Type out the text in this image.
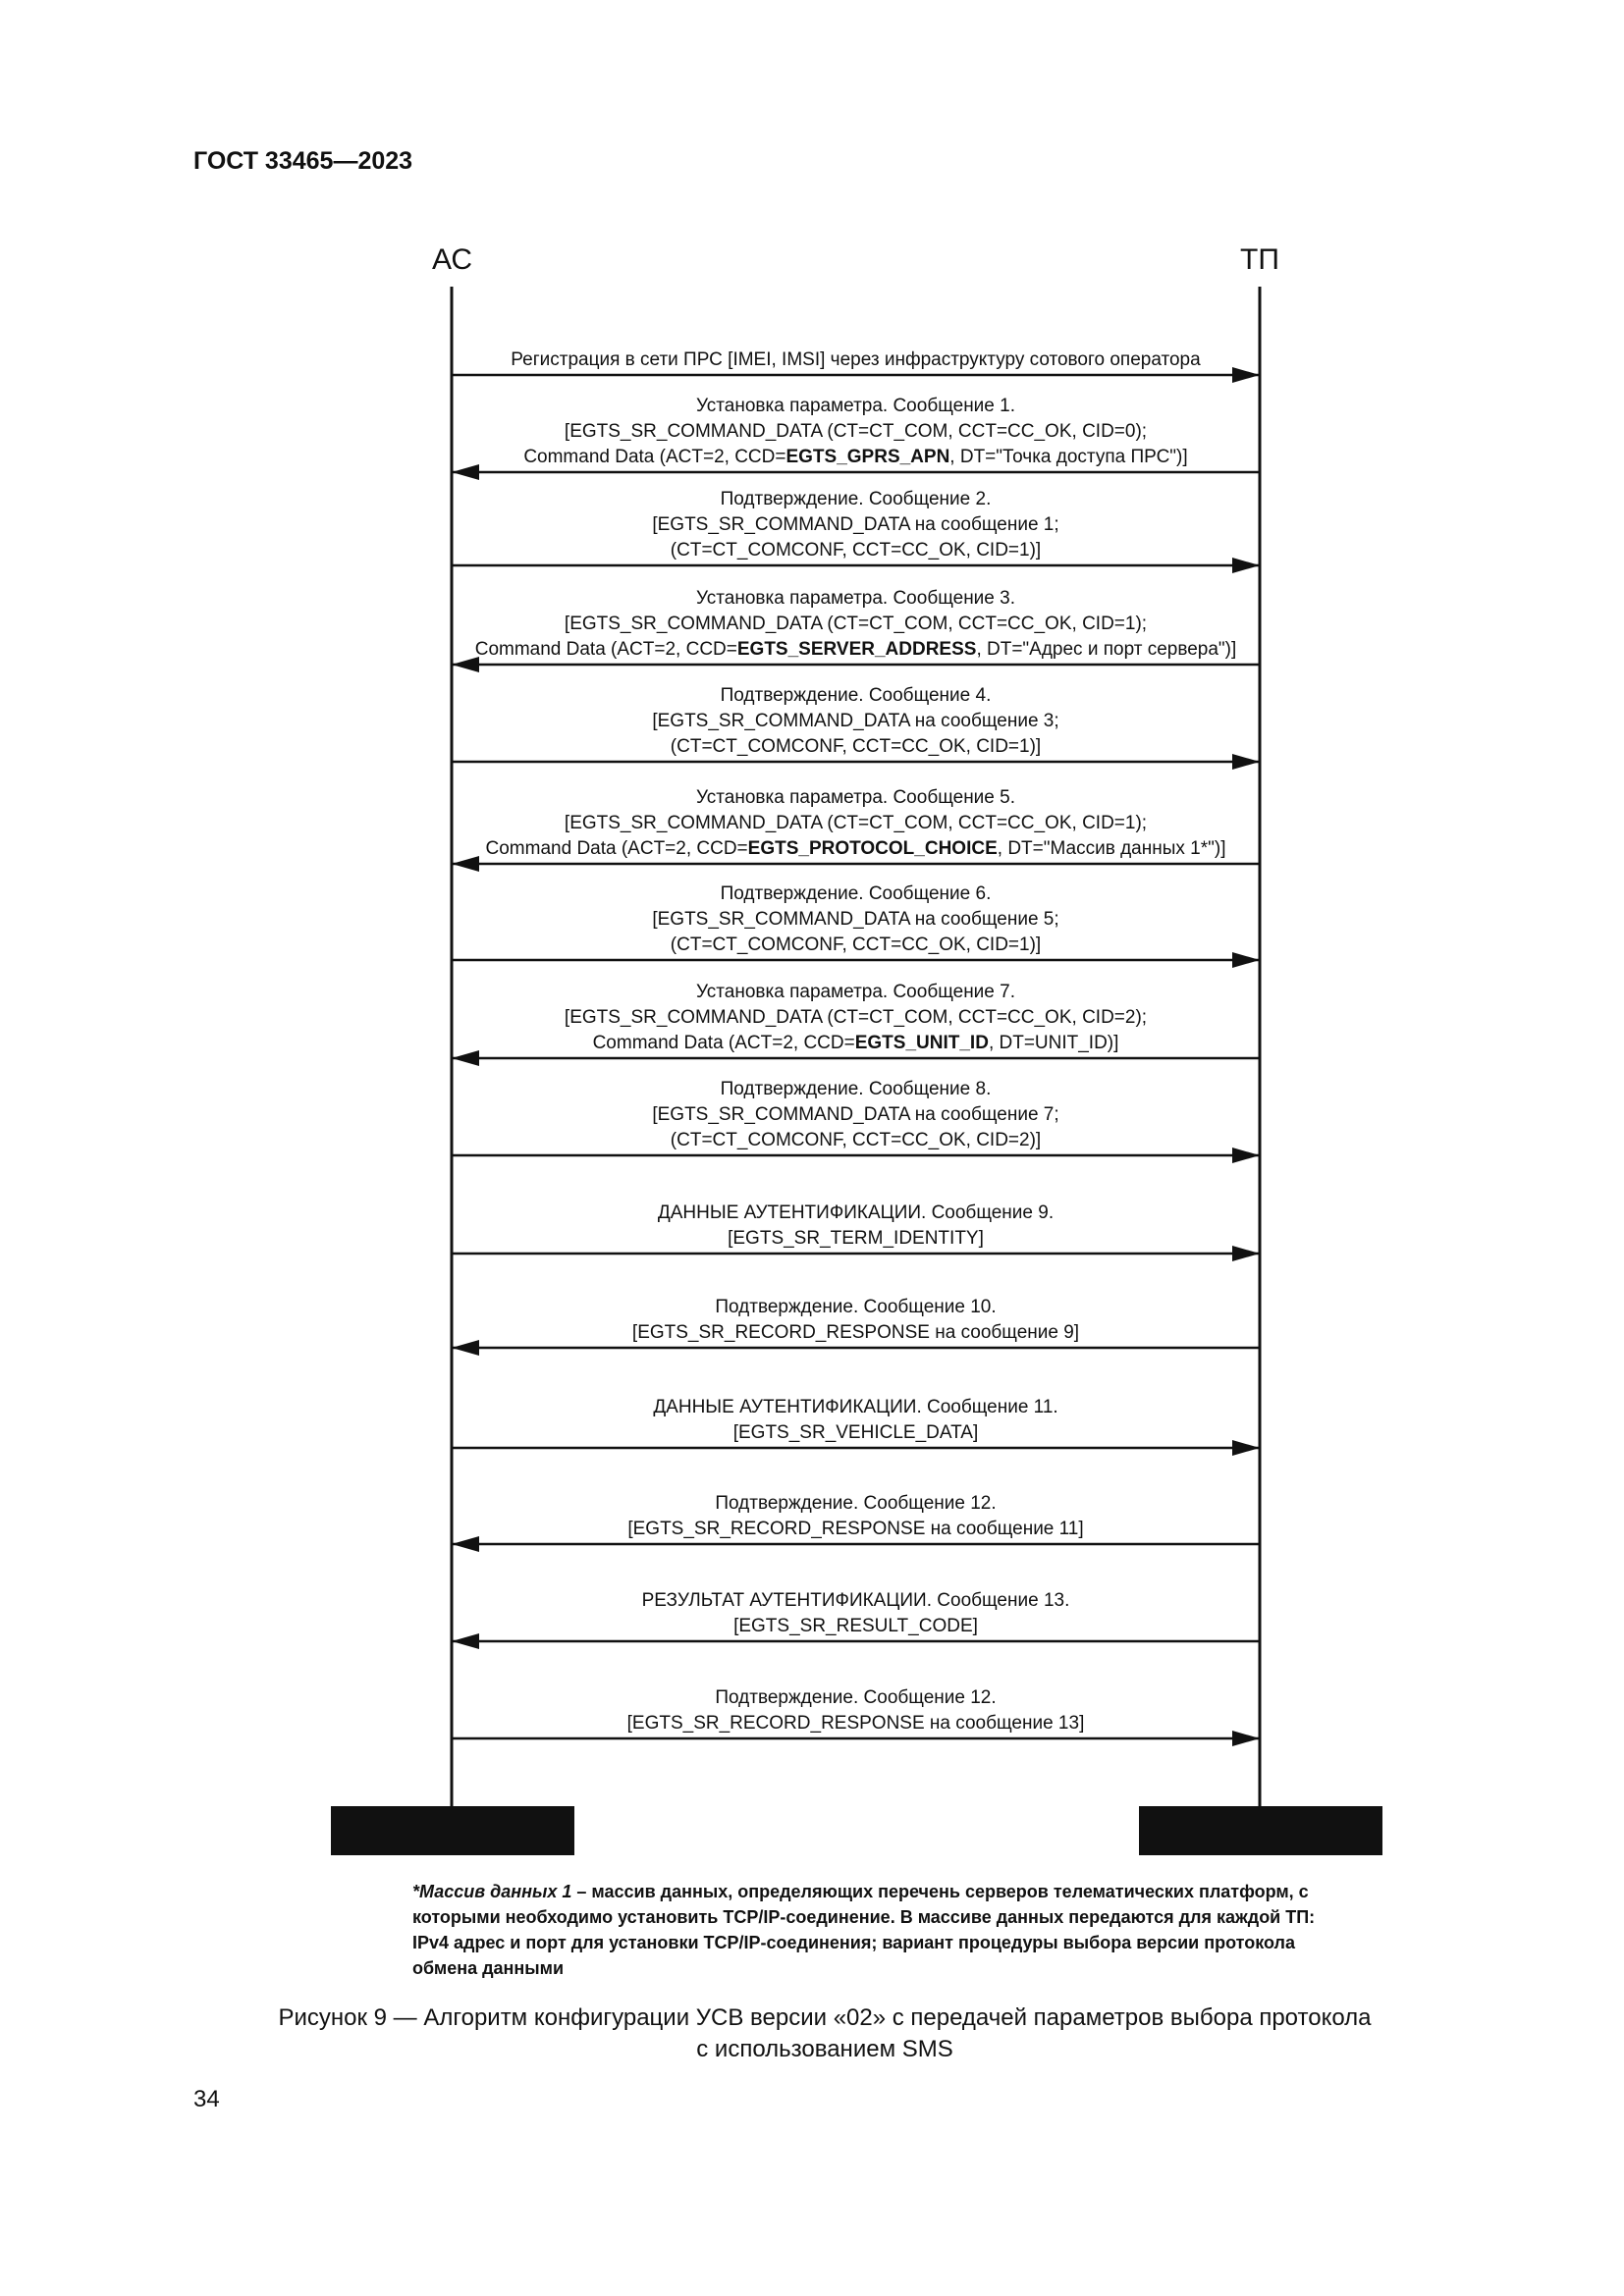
ГОСТ 33465—2023
АС	ТП
Регистрация в сети ПРС [IMEI, IMSI] через инфраструктуру сотового оператора
Установка параметра. Сообщение 1.
[EGTS_SR_COMMAND_DATA (CT=CT_COM, CCT=CC_OK, CID=0);
Command Data (ACT=2, CCD=EGTS_GPRS_APN, DT="Точка доступа ПРС")]
Подтверждение. Сообщение 2.
[EGTS_SR_COMMAND_DATA на сообщение 1;
(CT=CT_COMCONF, CCT=CC_OK, CID=1)]
Установка параметра. Сообщение 3.
[EGTS_SR_COMMAND_DATA (CT=CT_COM, CCT=CC_OK, CID=1);
Command Data (ACT=2, CCD=EGTS_SERVER_ADDRESS, DT="Адрес и порт сервера")]
Подтверждение. Сообщение 4.
[EGTS_SR_COMMAND_DATA на сообщение 3;
(CT=CT_COMCONF, CCT=CC_OK, CID=1)]
Установка параметра. Сообщение 5.
[EGTS_SR_COMMAND_DATA (CT=CT_COM, CCT=CC_OK, CID=1);
Command Data (ACT=2, CCD=EGTS_PROTOCOL_CHOICE, DT="Массив данных 1*")]
Подтверждение. Сообщение 6.
[EGTS_SR_COMMAND_DATA на сообщение 5;
(CT=CT_COMCONF, CCT=CC_OK, CID=1)]
Установка параметра. Сообщение 7.
[EGTS_SR_COMMAND_DATA (CT=CT_COM, CCT=CC_OK, CID=2);
Command Data (ACT=2, CCD=EGTS_UNIT_ID, DT=UNIT_ID)]
Подтверждение. Сообщение 8.
[EGTS_SR_COMMAND_DATA на сообщение 7;
(CT=CT_COMCONF, CCT=CC_OK, CID=2)]
ДАННЫЕ АУТЕНТИФИКАЦИИ. Сообщение 9.
[EGTS_SR_TERM_IDENTITY]
Подтверждение. Сообщение 10.
[EGTS_SR_RECORD_RESPONSE на сообщение 9]
ДАННЫЕ АУТЕНТИФИКАЦИИ. Сообщение 11.
[EGTS_SR_VEHICLE_DATA]
Подтверждение. Сообщение 12.
[EGTS_SR_RECORD_RESPONSE на сообщение 11]
РЕЗУЛЬТАТ АУТЕНТИФИКАЦИИ. Сообщение 13.
[EGTS_SR_RESULT_CODE]
Подтверждение. Сообщение 12.
[EGTS_SR_RECORD_RESPONSE на сообщение 13]
*Массив данных 1 – массив данных, определяющих перечень серверов телематических платформ, с которыми необходимо установить TCP/IP-соединение. В массиве данных передаются для каждой ТП: IPv4 адрес и порт для установки TCP/IP-соединения; вариант процедуры выбора версии протокола обмена данными
Рисунок 9 — Алгоритм конфигурации УСВ версии «02» с передачей параметров выбора протокола
с использованием SMS
34
